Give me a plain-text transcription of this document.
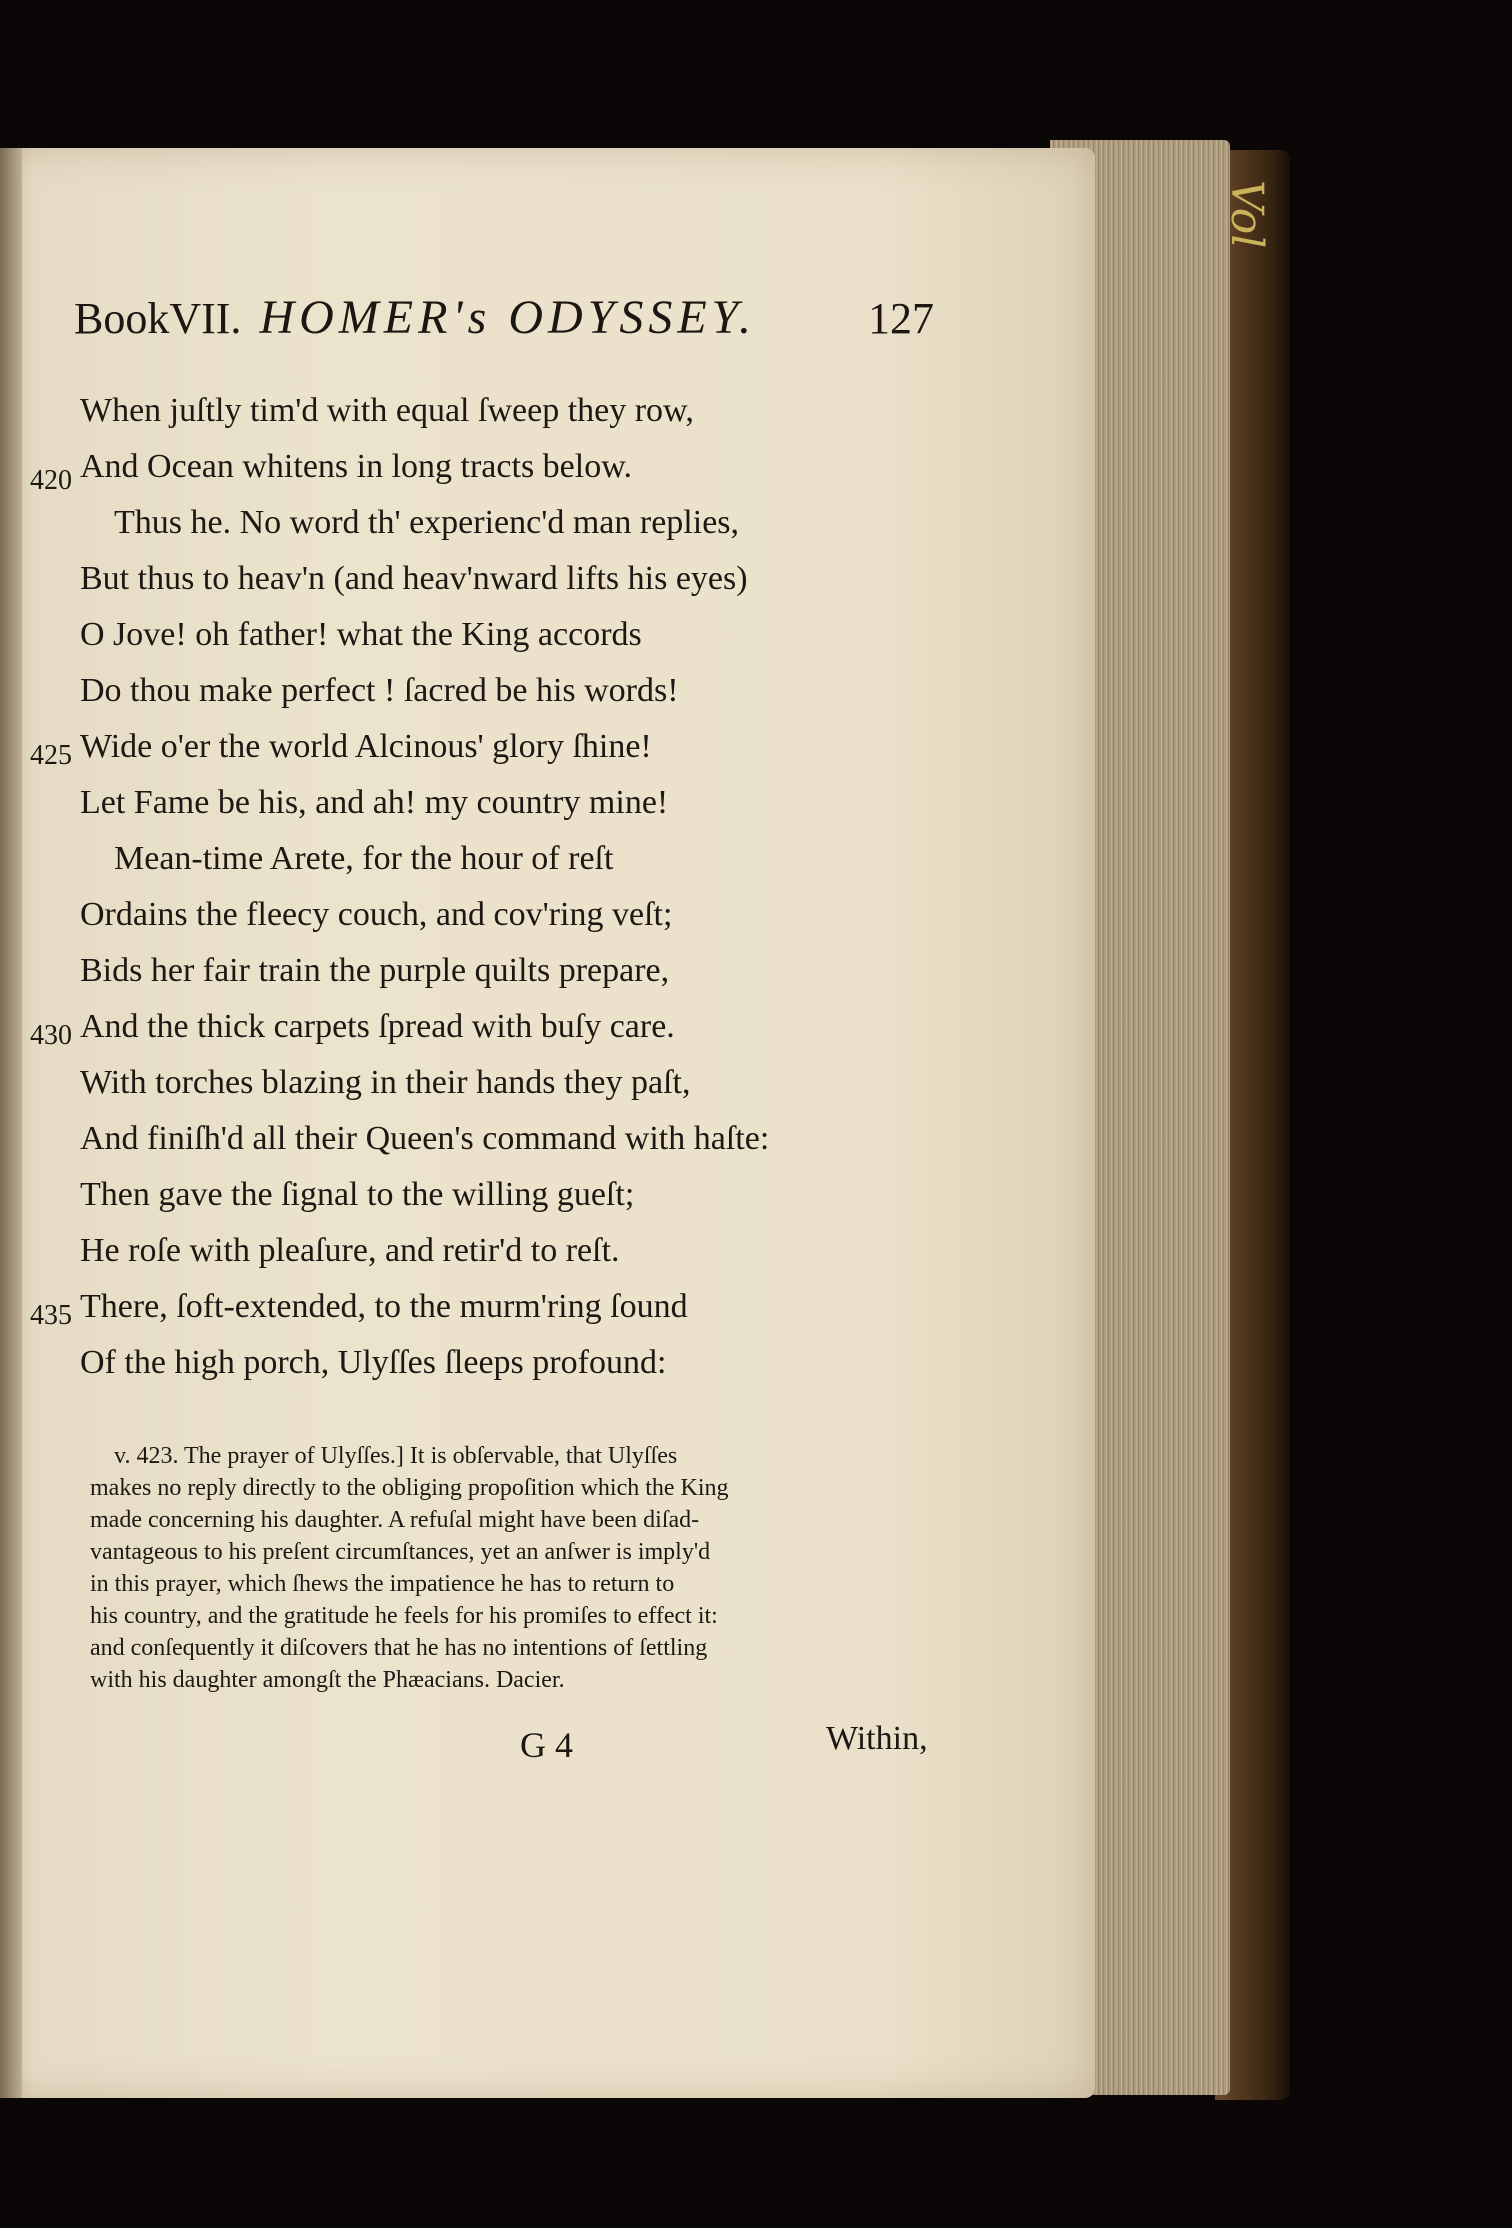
Vol
BookVII. HOMER's ODYSSEY.	127
420
425
430
435
When juſtly tim'd with equal ſweep they row,
And Ocean whitens in long tracts below.
Thus he. No word th' experienc'd man replies,
But thus to heav'n (and heav'nward lifts his eyes)
O Jove! oh father! what the King accords
Do thou make perfect ! ſacred be his words!
Wide o'er the world Alcinous' glory ſhine!
Let Fame be his, and ah! my country mine!
Mean-time Arete, for the hour of reſt
Ordains the fleecy couch, and cov'ring veſt;
Bids her fair train the purple quilts prepare,
And the thick carpets ſpread with buſy care.
With torches blazing in their hands they paſt,
And finiſh'd all their Queen's command with haſte:
Then gave the ſignal to the willing gueſt;
He roſe with pleaſure, and retir'd to reſt.
There, ſoft-extended, to the murm'ring ſound
Of the high porch, Ulyſſes ſleeps profound:
v. 423. The prayer of Ulyſſes.] It is obſervable, that Ulyſſes
makes no reply directly to the obliging propoſition which the King
made concerning his daughter. A refuſal might have been diſad-
vantageous to his preſent circumſtances, yet an anſwer is imply'd
in this prayer, which ſhews the impatience he has to return to
his country, and the gratitude he feels for his promiſes to effect it:
and conſequently it diſcovers that he has no intentions of ſettling
with his daughter amongſt the Phæacians. Dacier.
G 4	Within,
